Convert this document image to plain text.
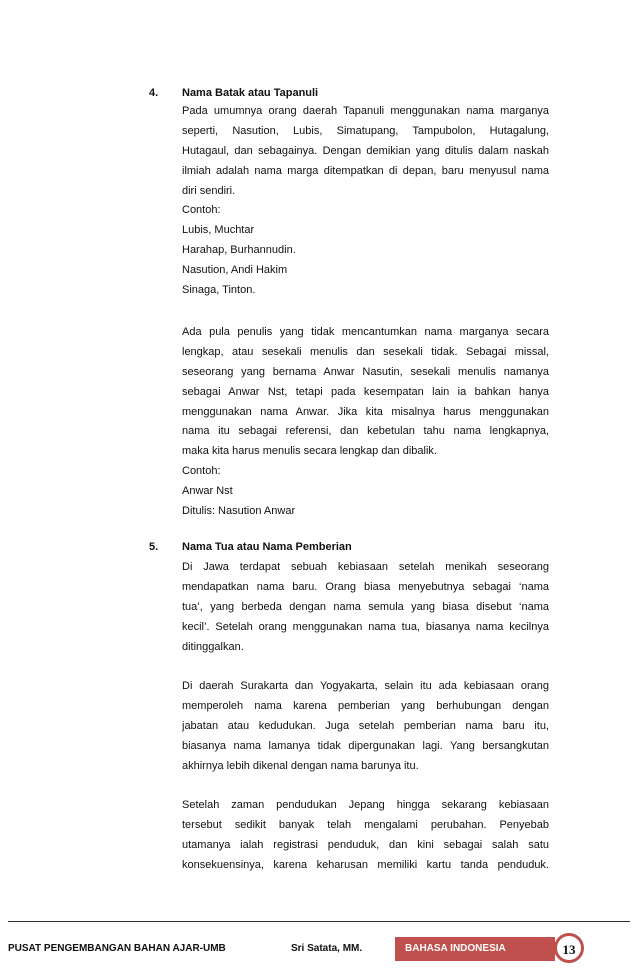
4. Nama Batak atau Tapanuli
Pada umumnya orang daerah Tapanuli menggunakan nama marganya
seperti, Nasution, Lubis, Simatupang, Tampubolon, Hutagalung,
Hutagaul, dan sebagainya. Dengan demikian yang ditulis dalam naskah
ilmiah adalah nama marga ditempatkan di depan, baru menyusul nama
diri sendiri.
Contoh:
Lubis, Muchtar
Harahap, Burhannudin.
Nasution, Andi Hakim
Sinaga, Tinton.
Ada pula penulis yang tidak mencantumkan nama marganya secara
lengkap, atau sesekali menulis dan sesekali tidak. Sebagai missal,
seseorang yang bernama Anwar Nasutin, sesekali menulis namanya
sebagai Anwar Nst, tetapi pada kesempatan lain ia bahkan hanya
menggunakan nama Anwar. Jika kita misalnya harus menggunakan
nama itu sebagai referensi, dan kebetulan tahu nama lengkapnya,
maka kita harus menulis secara lengkap dan dibalik.
Contoh:
Anwar Nst
Ditulis: Nasution Anwar
5. Nama Tua atau Nama Pemberian
Di Jawa terdapat sebuah kebiasaan setelah menikah seseorang
mendapatkan nama baru. Orang biasa menyebutnya sebagai ‘nama
tua’, yang berbeda dengan nama semula yang biasa disebut ‘nama
kecil’. Setelah orang menggunakan nama tua, biasanya nama kecilnya
ditinggalkan.
Di daerah Surakarta dan Yogyakarta, selain itu ada kebiasaan orang
memperoleh nama karena pemberian yang berhubungan dengan
jabatan atau kedudukan. Juga setelah pemberian nama baru itu,
biasanya nama lamanya tidak dipergunakan lagi. Yang bersangkutan
akhirnya lebih dikenal dengan nama barunya itu.
Setelah zaman pendudukan Jepang hingga sekarang kebiasaan
tersebut sedikit banyak telah mengalami perubahan. Penyebab
utamanya ialah registrasi penduduk, dan kini sebagai salah satu
konsekuensinya, karena keharusan memiliki kartu tanda penduduk.
PUSAT PENGEMBANGAN BAHAN AJAR-UMB	Sri Satata, MM.	BAHASA INDONESIA	13
